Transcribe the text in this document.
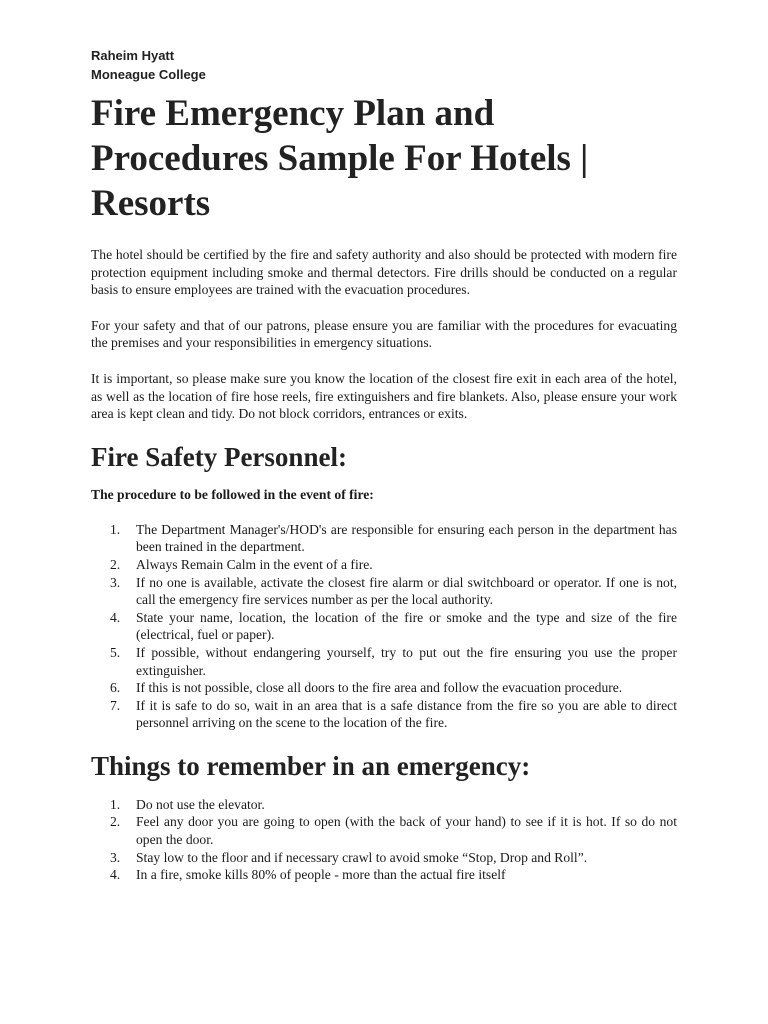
Raheim Hyatt
Moneague College
Fire Emergency Plan and Procedures Sample For Hotels | Resorts

The hotel should be certified by the fire and safety authority and also should be protected with modern fire protection equipment including smoke and thermal detectors. Fire drills should be conducted on a regular basis to ensure employees are trained with the evacuation procedures.

For your safety and that of our patrons, please ensure you are familiar with the procedures for evacuating the premises and your responsibilities in emergency situations.

It is important, so please make sure you know the location of the closest fire exit in each area of the hotel, as well as the location of fire hose reels, fire extinguishers and fire blankets. Also, please ensure your work area is kept clean and tidy. Do not block corridors, entrances or exits.

Fire Safety Personnel:
The procedure to be followed in the event of fire:
1. The Department Manager's/HOD's are responsible for ensuring each person in the department has been trained in the department.
2. Always Remain Calm in the event of a fire.
3. If no one is available, activate the closest fire alarm or dial switchboard or operator. If one is not, call the emergency fire services number as per the local authority.
4. State your name, location, the location of the fire or smoke and the type and size of the fire (electrical, fuel or paper).
5. If possible, without endangering yourself, try to put out the fire ensuring you use the proper extinguisher.
6. If this is not possible, close all doors to the fire area and follow the evacuation procedure.
7. If it is safe to do so, wait in an area that is a safe distance from the fire so you are able to direct personnel arriving on the scene to the location of the fire.
Things to remember in an emergency:
1. Do not use the elevator.
2. Feel any door you are going to open (with the back of your hand) to see if it is hot. If so do not open the door.
3. Stay low to the floor and if necessary crawl to avoid smoke “Stop, Drop and Roll”.
4. In a fire, smoke kills 80% of people - more than the actual fire itself
